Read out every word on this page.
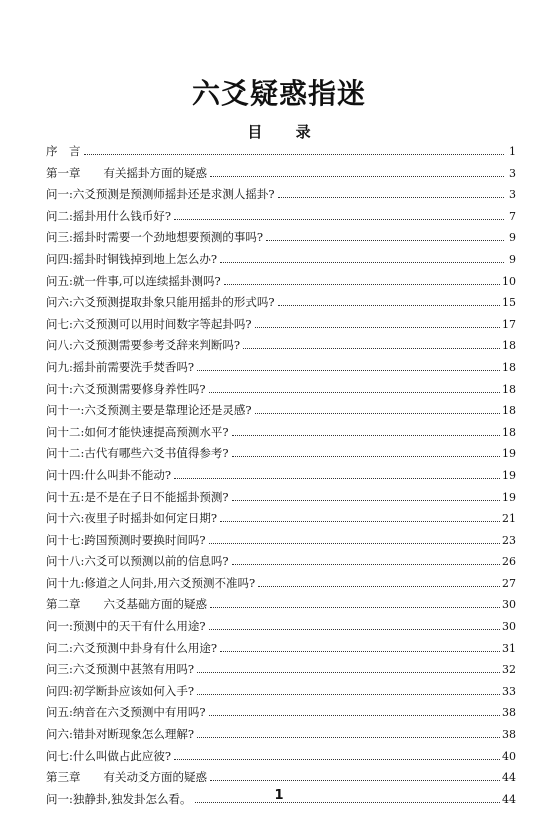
六爻疑惑指迷
目 录
序　言	1
第一章　　有关摇卦方面的疑惑	3
问一:六爻预测是预测师摇卦还是求测人摇卦?	3
问二:摇卦用什么钱币好?	7
问三:摇卦时需要一个劲地想要预测的事吗?	9
问四:摇卦时铜钱掉到地上怎么办?	9
问五:就一件事,可以连续摇卦测吗?	10
问六:六爻预测提取卦象只能用摇卦的形式吗?	15
问七:六爻预测可以用时间数字等起卦吗?	17
问八:六爻预测需要参考爻辞来判断吗?	18
问九:摇卦前需要洗手焚香吗?	18
问十:六爻预测需要修身养性吗?	18
问十一:六爻预测主要是靠理论还是灵感?	18
问十二:如何才能快速提高预测水平?	18
问十二:古代有哪些六爻书值得参考?	19
问十四:什么叫卦不能动?	19
问十五:是不是在子日不能摇卦预测?	19
问十六:夜里子时摇卦如何定日期?	21
问十七:跨国预测时要换时间吗?	23
问十八:六爻可以预测以前的信息吗?	26
问十九:修道之人问卦,用六爻预测不准吗?	27
第二章　　六爻基础方面的疑惑	30
问一:预测中的天干有什么用途?	30
问二:六爻预测中卦身有什么用途?	31
问三:六爻预测中甚煞有用吗?	32
问四:初学断卦应该如何入手?	33
问五:纳音在六爻预测中有用吗?	38
问六:错卦对断现象怎么理解?	38
问七:什么叫做占此应彼?	40
第三章　　有关动爻方面的疑惑	44
问一:独静卦,独发卦怎么看。	44

1
